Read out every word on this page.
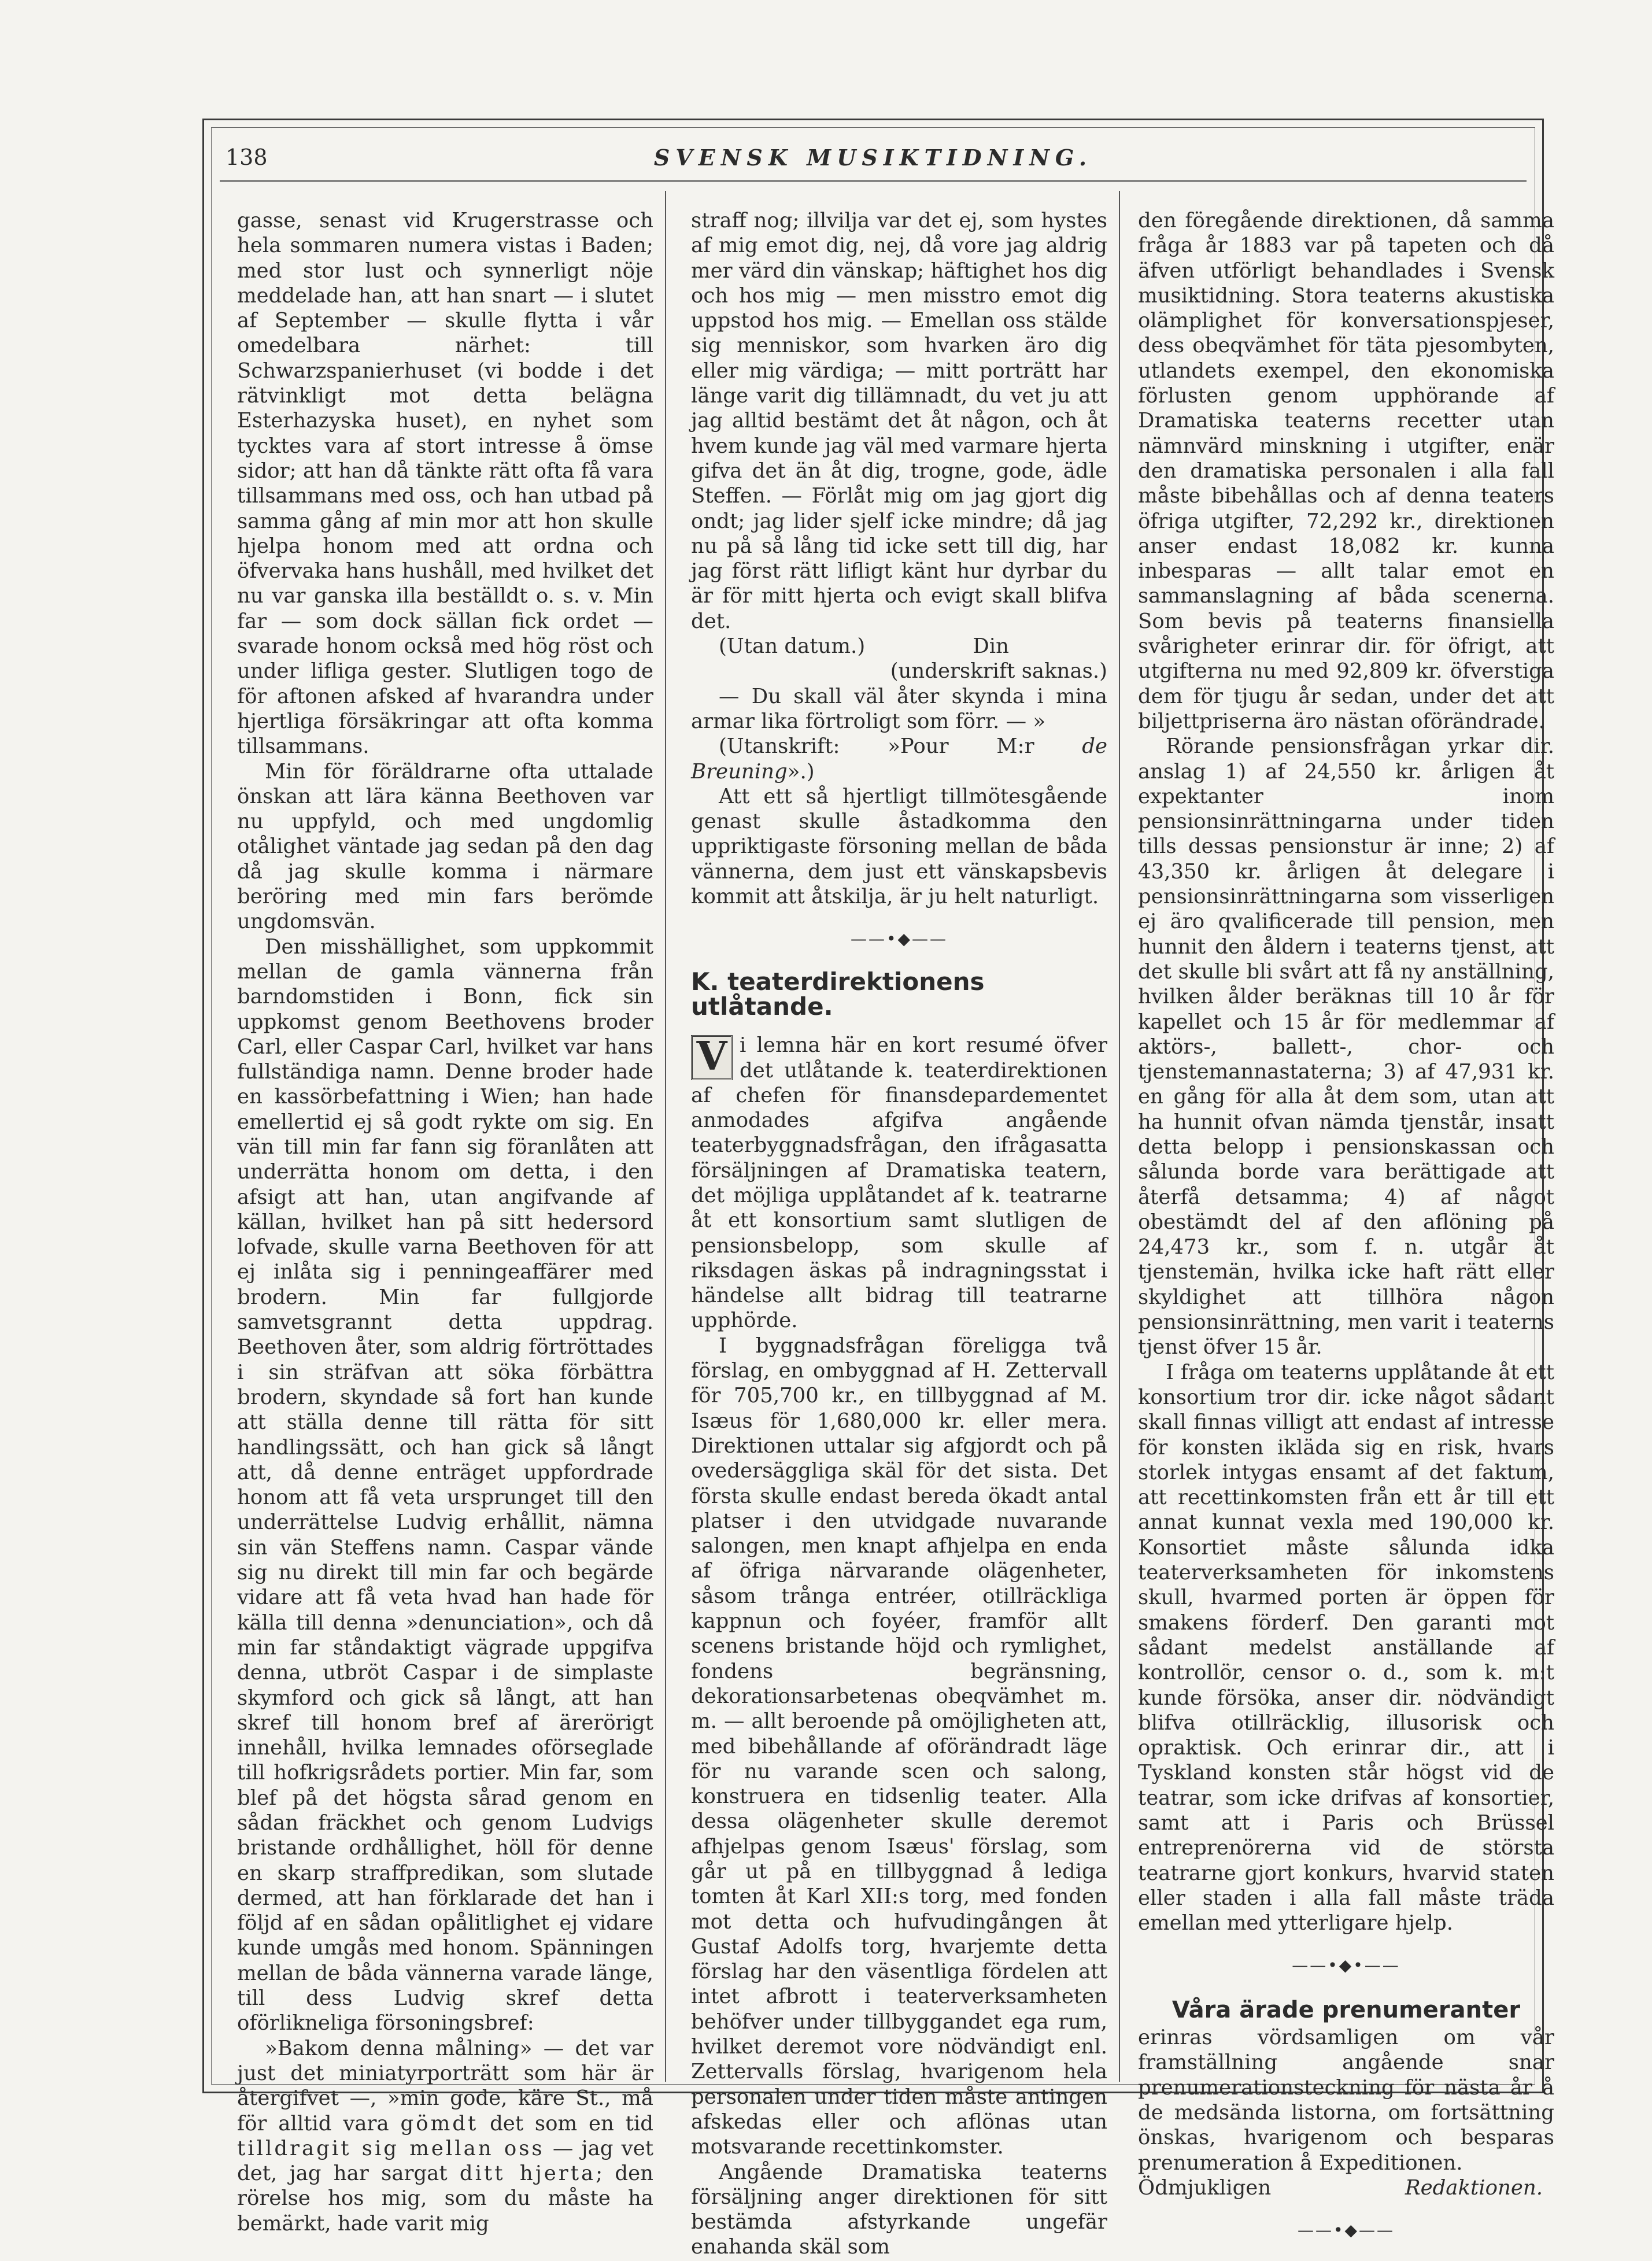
138	SVENSK MUSIKTIDNING.

gasse, senast vid Krugerstrasse och hela sommaren numera vistas i Baden; med stor lust och synnerligt nöje meddelade han, att han snart — i slutet af September — skulle flytta i vår omedelbara närhet: till Schwarzspanierhuset (vi bodde i det rätvinkligt mot detta belägna Esterhazyska huset), en nyhet som tycktes vara af stort intresse å ömse sidor; att han då tänkte rätt ofta få vara tillsammans med oss, och han utbad på samma gång af min mor att hon skulle hjelpa honom med att ordna och öfvervaka hans hushåll, med hvilket det nu var ganska illa beställdt o. s. v. Min far — som dock sällan fick ordet — svarade honom också med hög röst och under lifliga gester. Slutligen togo de för aftonen afsked af hvarandra under hjertliga försäkringar att ofta komma tillsammans.

Min för föräldrarne ofta uttalade önskan att lära känna Beethoven var nu uppfyld, och med ungdomlig otålighet väntade jag sedan på den dag då jag skulle komma i närmare beröring med min fars berömde ungdomsvän.

Den misshällighet, som uppkommit mellan de gamla vännerna från barndomstiden i Bonn, fick sin uppkomst genom Beethovens broder Carl, eller Caspar Carl, hvilket var hans fullständiga namn. Denne broder hade en kassörbefattning i Wien; han hade emellertid ej så godt rykte om sig. En vän till min far fann sig föranlåten att underrätta honom om detta, i den afsigt att han, utan angifvande af källan, hvilket han på sitt hedersord lofvade, skulle varna Beethoven för att ej inlåta sig i penningeaffärer med brodern. Min far fullgjorde samvetsgrannt detta uppdrag. Beethoven åter, som aldrig förtröttades i sin sträfvan att söka förbättra brodern, skyndade så fort han kunde att ställa denne till rätta för sitt handlingssätt, och han gick så långt att, då denne enträget uppfordrade honom att få veta ursprunget till den underrättelse Ludvig erhållit, nämna sin vän Steffens namn. Caspar vände sig nu direkt till min far och begärde vidare att få veta hvad han hade för källa till denna »denunciation», och då min far ståndaktigt vägrade uppgifva denna, utbröt Caspar i de simplaste skymford och gick så långt, att han skref till honom bref af ärerörigt innehåll, hvilka lemnades oförseglade till hofkrigsrådets portier. Min far, som blef på det högsta sårad genom en sådan fräckhet och genom Ludvigs bristande ordhållighet, höll för denne en skarp straffpredikan, som slutade dermed, att han förklarade det han i följd af en sådan opålitlighet ej vidare kunde umgås med honom. Spänningen mellan de båda vännerna varade länge, till dess Ludvig skref detta oförlikneliga försoningsbref:

»Bakom denna målning» — det var just det miniatyrporträtt som här är återgifvet —, »min gode, käre St., må för alltid vara gömdt det som en tid tilldragit sig mellan oss — jag vet det, jag har sargat ditt hjerta; den rörelse hos mig, som du måste ha bemärkt, hade varit mig

straff nog; illvilja var det ej, som hystes af mig emot dig, nej, då vore jag aldrig mer värd din vänskap; häftighet hos dig och hos mig — men misstro emot dig uppstod hos mig. — Emellan oss stälde sig menniskor, som hvarken äro dig eller mig värdiga; — mitt porträtt har länge varit dig tillämnadt, du vet ju att jag alltid bestämt det åt någon, och åt hvem kunde jag väl med varmare hjerta gifva det än åt dig, trogne, gode, ädle Steffen. — Förlåt mig om jag gjort dig ondt; jag lider sjelf icke mindre; då jag nu på så lång tid icke sett till dig, har jag först rätt lifligt känt hur dyrbar du är för mitt hjerta och evigt skall blifva det.

(Utan datum.)	Din

(underskrift saknas.)

— Du skall väl åter skynda i mina armar lika förtroligt som förr. — »

(Utanskrift: »Pour M:r de Breuning».)

Att ett så hjertligt tillmötesgående genast skulle åstadkomma den uppriktigaste försoning mellan de båda vännerna, dem just ett vänskapsbevis kommit att åtskilja, är ju helt naturligt.

——•◆——
K. teaterdirektionens utlåtande.

V i lemna här en kort resumé öfver det utlåtande k. teaterdirektionen af chefen för finansdepardementet anmodades afgifva angående teaterbyggnadsfrågan, den ifrågasatta försäljningen af Dramatiska teatern, det möjliga upplåtandet af k. teatrarne åt ett konsortium samt slutligen de pensionsbelopp, som skulle af riksdagen äskas på indragningsstat i händelse allt bidrag till teatrarne upphörde.

I byggnadsfrågan föreligga två förslag, en ombyggnad af H. Zettervall för 705,700 kr., en tillbyggnad af M. Isæus för 1,680,000 kr. eller mera. Direktionen uttalar sig afgjordt och på ovedersäggliga skäl för det sista. Det första skulle endast bereda ökadt antal platser i den utvidgade nuvarande salongen, men knapt afhjelpa en enda af öfriga närvarande olägenheter, såsom trånga entréer, otillräckliga kappnun och foyéer, framför allt scenens bristande höjd och rymlighet, fondens begränsning, dekorationsarbetenas obeqvämhet m. m. — allt beroende på omöjligheten att, med bibehållande af oförändradt läge för nu varande scen och salong, konstruera en tidsenlig teater. Alla dessa olägenheter skulle deremot afhjelpas genom Isæus' förslag, som går ut på en tillbyggnad å lediga tomten åt Karl XII:s torg, med fonden mot detta och hufvudingången åt Gustaf Adolfs torg, hvarjemte detta förslag har den väsentliga fördelen att intet afbrott i teaterverksamheten behöfver under tillbyggandet ega rum, hvilket deremot vore nödvändigt enl. Zettervalls förslag, hvarigenom hela personalen under tiden måste antingen afskedas eller och aflönas utan motsvarande recettinkomster.

Angående Dramatiska teaterns försäljning anger direktionen för sitt bestämda afstyrkande ungefär enahanda skäl som

den föregående direktionen, då samma fråga år 1883 var på tapeten och då äfven utförligt behandlades i Svensk musiktidning. Stora teaterns akustiska olämplighet för konversationspjeser, dess obeqvämhet för täta pjesombyten, utlandets exempel, den ekonomiska förlusten genom upphörande af Dramatiska teaterns recetter utan nämnvärd minskning i utgifter, enär den dramatiska personalen i alla fall måste bibehållas och af denna teaters öfriga utgifter, 72,292 kr., direktionen anser endast 18,082 kr. kunna inbesparas — allt talar emot en sammanslagning af båda scenerna. Som bevis på teaterns finansiella svårigheter erinrar dir. för öfrigt, att utgifterna nu med 92,809 kr. öfverstiga dem för tjugu år sedan, under det att biljettpriserna äro nästan oförändrade.

Rörande pensionsfrågan yrkar dir. anslag 1) af 24,550 kr. årligen åt expektanter inom pensionsinrättningarna under tiden tills dessas pensionstur är inne; 2) af 43,350 kr. årligen åt delegare i pensionsinrättningarna som visserligen ej äro qvalificerade till pension, men hunnit den åldern i teaterns tjenst, att det skulle bli svårt att få ny anställning, hvilken ålder beräknas till 10 år för kapellet och 15 år för medlemmar af aktörs-, ballett-, chor- och tjenstemannastaterna; 3) af 47,931 kr. en gång för alla åt dem som, utan att ha hunnit ofvan nämda tjenstår, insatt detta belopp i pensionskassan och sålunda borde vara berättigade att återfå detsamma; 4) af något obestämdt del af den aflöning på 24,473 kr., som f. n. utgår åt tjenstemän, hvilka icke haft rätt eller skyldighet att tillhöra någon pensionsinrättning, men varit i teaterns tjenst öfver 15 år.

I fråga om teaterns upplåtande åt ett konsortium tror dir. icke något sådant skall finnas villigt att endast af intresse för konsten ikläda sig en risk, hvars storlek intygas ensamt af det faktum, att recettinkomsten från ett år till ett annat kunnat vexla med 190,000 kr. Konsortiet måste sålunda idka teaterverksamheten för inkomstens skull, hvarmed porten är öppen för smakens förderf. Den garanti mot sådant medelst anställande af kontrollör, censor o. d., som k. m:t kunde försöka, anser dir. nödvändigt blifva otillräcklig, illusorisk och opraktisk. Och erinrar dir., att i Tyskland konsten står högst vid de teatrar, som icke drifvas af konsortier, samt att i Paris och Brüssel entreprenörerna vid de största teatrarne gjort konkurs, hvarvid staten eller staden i alla fall måste träda emellan med ytterligare hjelp.

——•◆•——
Våra ärade prenumeranter

erinras vördsamligen om vår framställning angående snar prenumerationsteckning för nästa år å de medsända listorna, om fortsättning önskas, hvarigenom och besparas prenumeration å Expeditionen.

Ödmjukligen	Redaktionen.
——•◆——
